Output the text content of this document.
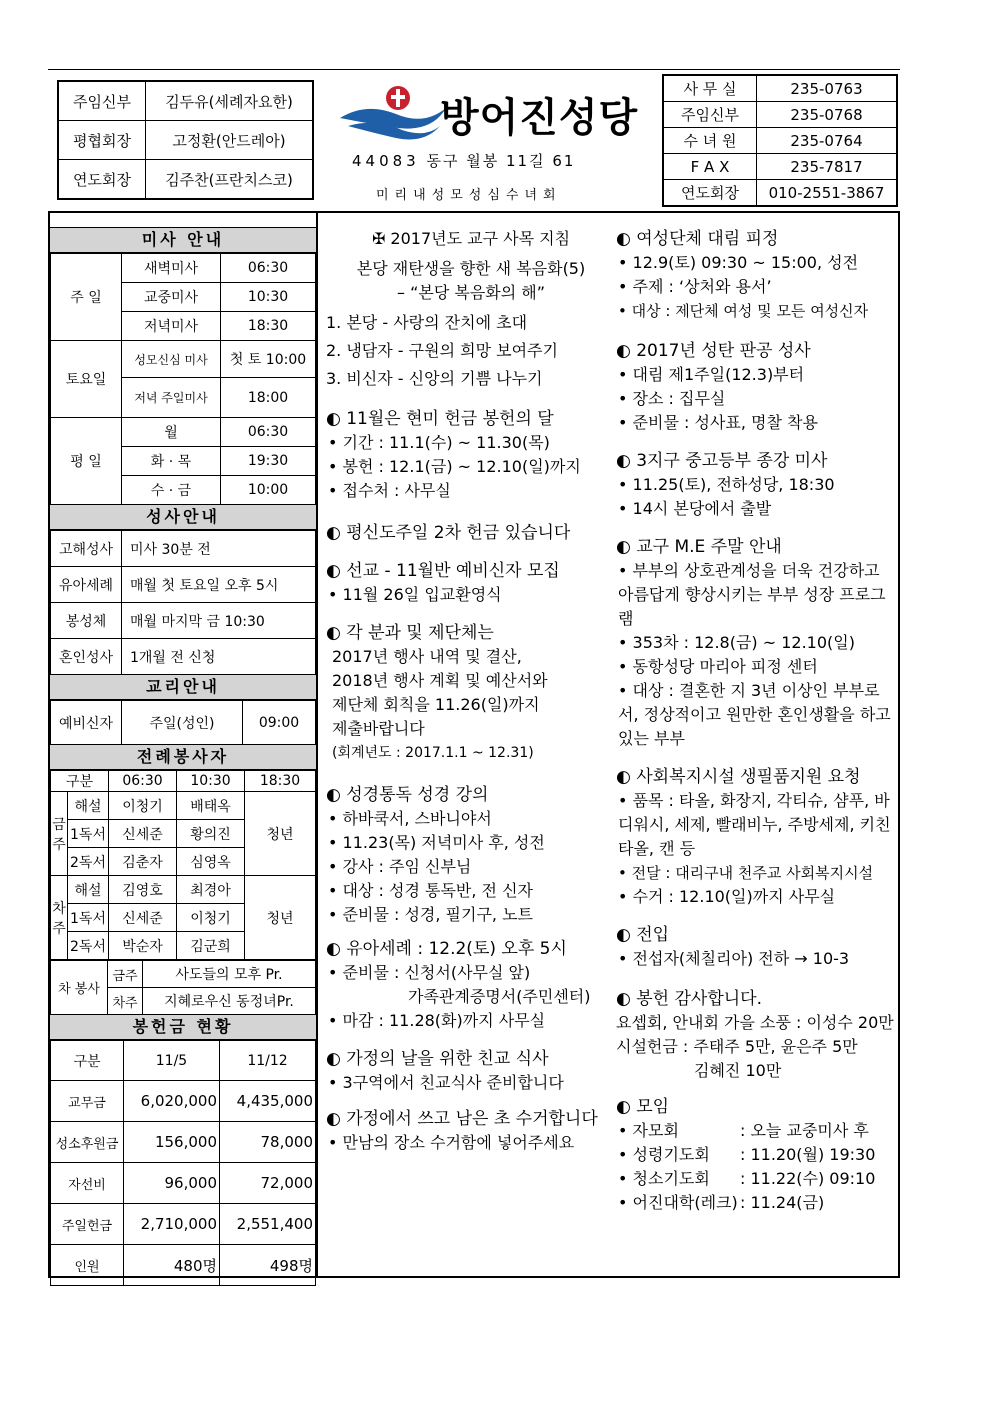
주임신부	김두유(세례자요한)
평협회장	고정환(안드레아)
연도회장	김주찬(프란치스코)
방어진성당
44083 동구 월봉 11길 61
미리내성모성심수녀회
사 무 실	235-0763
주임신부	235-0768
수 녀 원	235-0764
F A X	235-7817
연도회장	010-2551-3867
미사 안내
주 일	새벽미사	06:30
	교중미사	10:30
	저녁미사	18:30
토요일	성모신심 미사	첫 토 10:00
	저녁 주일미사	18:00
평 일	월	06:30
	화 · 목	19:30
	수 · 금	10:00
성사안내
고해성사	미사 30분 전
유아세례	매월 첫 토요일 오후 5시
봉성체	매월 마지막 금 10:30
혼인성사	1개월 전 신청
교리안내
예비신자	주일(성인)	09:00
전례봉사자
구분		06:30	10:30	18:30
금주	해설	이청기	배태옥	청년
	1독서	신세준	황의진	
	2독서	김춘자	심영옥	
차주	해설	김영호	최경아	청년
	1독서	신세준	이청기	
	2독서	박순자	김군희	
차 봉사	금주	사도들의 모후 Pr.
	차주	지혜로우신 동정녀Pr.
봉헌금 현황
구분	11/5	11/12
교무금	6,020,000	4,435,000
성소후원금	156,000	78,000
자선비	96,000	72,000
주일헌금	2,710,000	2,551,400
인원	480명	498명
✠ 2017년도 교구 사목 지침
본당 재탄생을 향한 새 복음화(5)
– “본당 복음화의 해”
1. 본당 - 사랑의 잔치에 초대
2. 냉담자 - 구원의 희망 보여주기
3. 비신자 - 신앙의 기쁨 나누기
◐ 11월은 현미 헌금 봉헌의 달
• 기간 : 11.1(수) ~ 11.30(목)
• 봉헌 : 12.1(금) ~ 12.10(일)까지
• 접수처 : 사무실
◐ 평신도주일 2차 헌금 있습니다
◐ 선교 - 11월반 예비신자 모집
• 11월 26일 입교환영식
◐ 각 분과 및 제단체는
2017년 행사 내역 및 결산,
2018년 행사 계획 및 예산서와
제단체 회칙을 11.26(일)까지
제출바랍니다
(회계년도 : 2017.1.1 ~ 12.31)
◐ 성경통독 성경 강의
• 하바쿡서, 스바니야서
• 11.23(목) 저녁미사 후, 성전
• 강사 : 주임 신부님
• 대상 : 성경 통독반, 전 신자
• 준비물 : 성경, 필기구, 노트
◐ 유아세례 : 12.2(토) 오후 5시
• 준비물 : 신청서(사무실 앞)
가족관계증명서(주민센터)
• 마감 : 11.28(화)까지 사무실
◐ 가정의 날을 위한 친교 식사
• 3구역에서 친교식사 준비합니다
◐ 가정에서 쓰고 남은 초 수거합니다
• 만남의 장소 수거함에 넣어주세요
◐ 여성단체 대림 피정
• 12.9(토) 09:30 ~ 15:00, 성전
• 주제 : ‘상처와 용서’
• 대상 : 제단체 여성 및 모든 여성신자
◐ 2017년 성탄 판공 성사
• 대림 제1주일(12.3)부터
• 장소 : 집무실
• 준비물 : 성사표, 명찰 착용
◐ 3지구 중고등부 종강 미사
• 11.25(토), 전하성당, 18:30
• 14시 본당에서 출발
◐ 교구 M.E 주말 안내
• 부부의 상호관계성을 더욱 건강하고 아름답게 향상시키는 부부 성장 프로그램
• 353차 : 12.8(금) ~ 12.10(일)
• 동항성당 마리아 피정 센터
• 대상 : 결혼한 지 3년 이상인 부부로서, 정상적이고 원만한 혼인생활을 하고 있는 부부
◐ 사회복지시설 생필품지원 요청
• 품목 : 타올, 화장지, 각티슈, 샴푸, 바디워시, 세제, 빨래비누, 주방세제, 키친 타올, 캔 등
• 전달 : 대리구내 천주교 사회복지시설
• 수거 : 12.10(일)까지 사무실
◐ 전입
• 전섭자(체칠리아) 전하 → 10-3
◐ 봉헌 감사합니다.
요셉회, 안내회 가을 소풍 : 이성수 20만
시설헌금 : 주태주 5만, 윤은주 5만
김혜진 10만
◐ 모임
• 자모회	: 오늘 교중미사 후
• 성령기도회 : 11.20(월) 19:30
• 청소기도회 : 11.22(수) 09:10
• 어진대학(레크) : 11.24(금)
